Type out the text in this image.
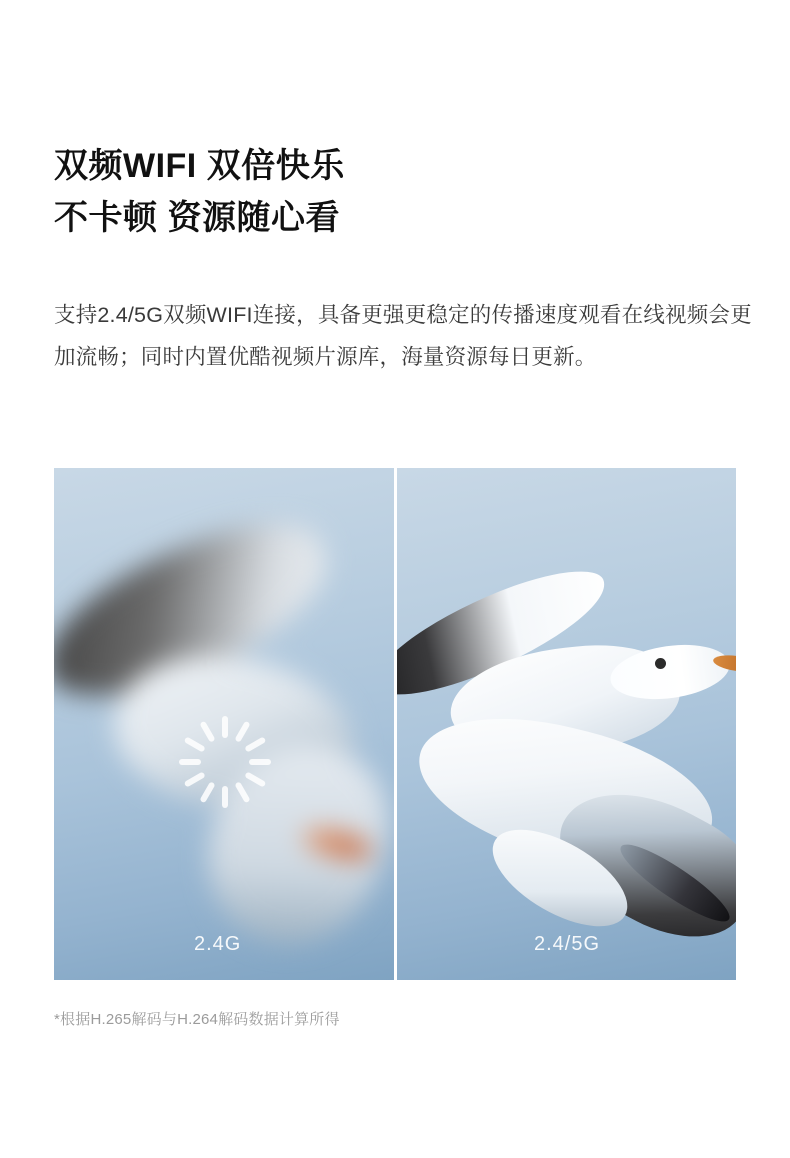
双频WIFI 双倍快乐
不卡顿 资源随心看

支持2.4/5G双频WIFI连接，具备更强更稳定的传播速度观看在线视频会更加流畅；同时内置优酷视频片源库，海量资源每日更新。

2.4G	2.4/5G
*根据H.265解码与H.264解码数据计算所得
